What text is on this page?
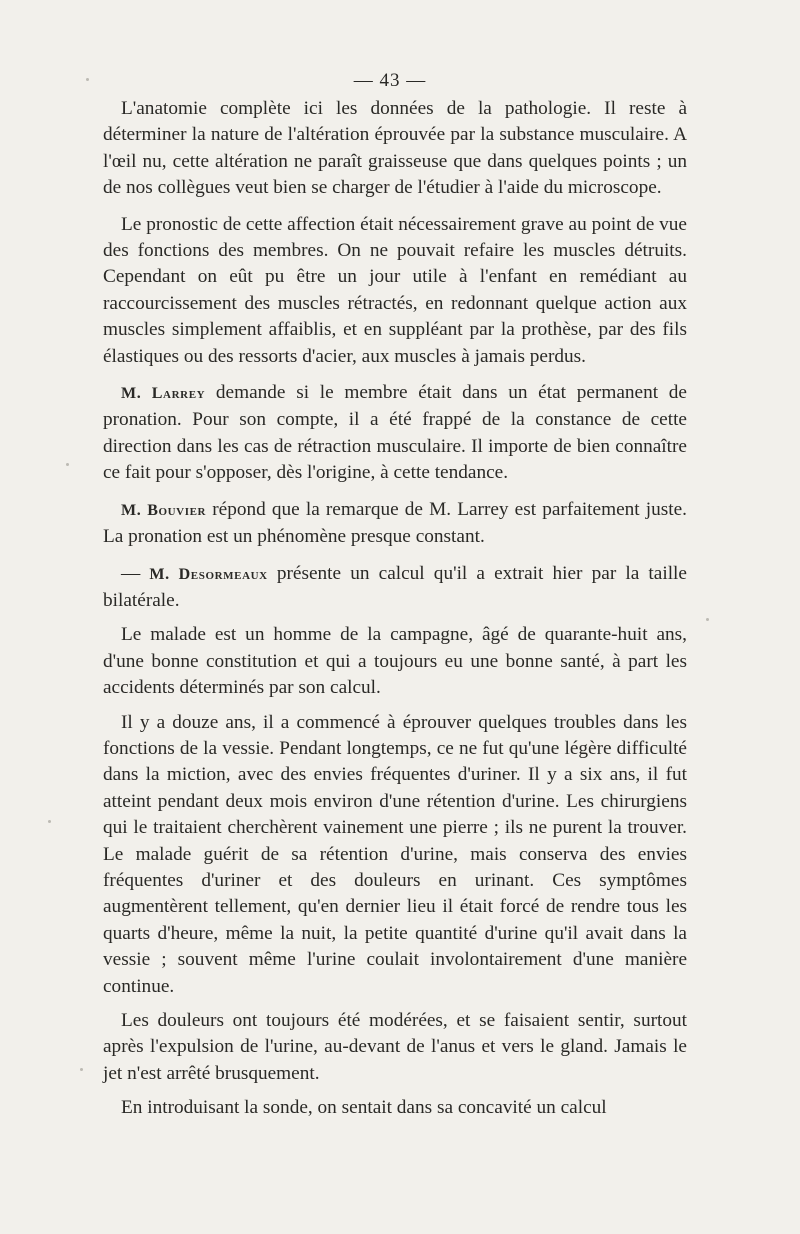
— 43 —

L'anatomie complète ici les données de la pathologie. Il reste à déterminer la nature de l'altération éprouvée par la substance musculaire. A l'œil nu, cette altération ne paraît graisseuse que dans quelques points ; un de nos collègues veut bien se charger de l'étudier à l'aide du microscope.

Le pronostic de cette affection était nécessairement grave au point de vue des fonctions des membres. On ne pouvait refaire les muscles détruits. Cependant on eût pu être un jour utile à l'enfant en remédiant au raccourcissement des muscles rétractés, en redonnant quelque action aux muscles simplement affaiblis, et en suppléant par la prothèse, par des fils élastiques ou des ressorts d'acier, aux muscles à jamais perdus.

M. Larrey demande si le membre était dans un état permanent de pronation. Pour son compte, il a été frappé de la constance de cette direction dans les cas de rétraction musculaire. Il importe de bien connaître ce fait pour s'opposer, dès l'origine, à cette tendance.

M. Bouvier répond que la remarque de M. Larrey est parfaitement juste. La pronation est un phénomène presque constant.

— M. Desormeaux présente un calcul qu'il a extrait hier par la taille bilatérale.

Le malade est un homme de la campagne, âgé de quarante-huit ans, d'une bonne constitution et qui a toujours eu une bonne santé, à part les accidents déterminés par son calcul.

Il y a douze ans, il a commencé à éprouver quelques troubles dans les fonctions de la vessie. Pendant longtemps, ce ne fut qu'une légère difficulté dans la miction, avec des envies fréquentes d'uriner. Il y a six ans, il fut atteint pendant deux mois environ d'une rétention d'urine. Les chirurgiens qui le traitaient cherchèrent vainement une pierre ; ils ne purent la trouver. Le malade guérit de sa rétention d'urine, mais conserva des envies fréquentes d'uriner et des douleurs en urinant. Ces symptômes augmentèrent tellement, qu'en dernier lieu il était forcé de rendre tous les quarts d'heure, même la nuit, la petite quantité d'urine qu'il avait dans la vessie ; souvent même l'urine coulait involontairement d'une manière continue.

Les douleurs ont toujours été modérées, et se faisaient sentir, surtout après l'expulsion de l'urine, au-devant de l'anus et vers le gland. Jamais le jet n'est arrêté brusquement.

En introduisant la sonde, on sentait dans sa concavité un calcul
